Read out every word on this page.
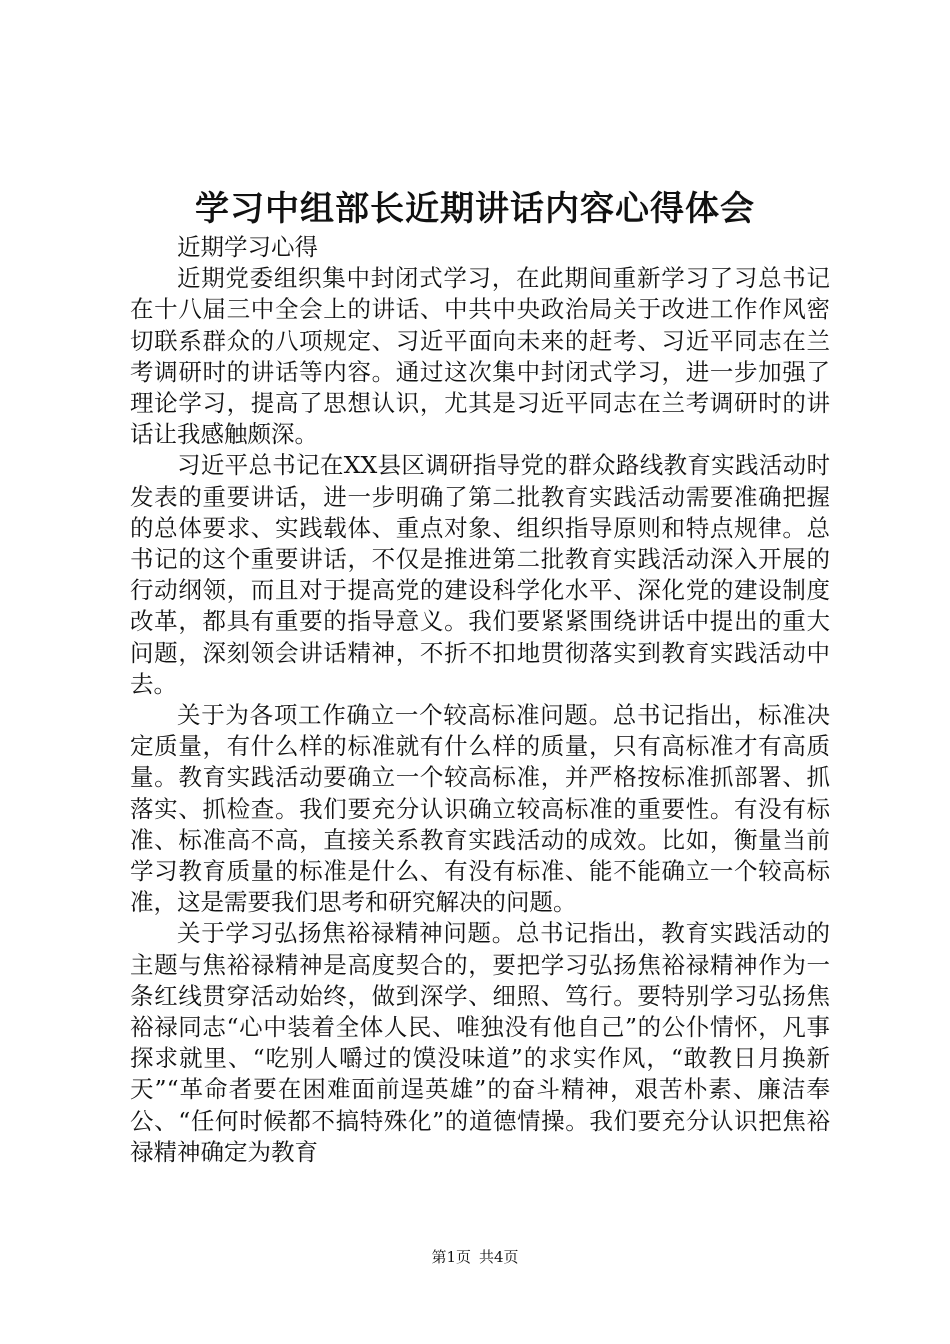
学习中组部长近期讲话内容心得体会

近期学习心得

近期党委组织集中封闭式学习，在此期间重新学习了习总书记在十八届三中全会上的讲话、中共中央政治局关于改进工作作风密切联系群众的八项规定、习近平面向未来的赶考、习近平同志在兰考调研时的讲话等内容。通过这次集中封闭式学习，进一步加强了理论学习，提高了思想认识，尤其是习近平同志在兰考调研时的讲话让我感触颇深。

习近平总书记在XX县区调研指导党的群众路线教育实践活动时发表的重要讲话，进一步明确了第二批教育实践活动需要准确把握的总体要求、实践载体、重点对象、组织指导原则和特点规律。总书记的这个重要讲话，不仅是推进第二批教育实践活动深入开展的行动纲领，而且对于提高党的建设科学化水平、深化党的建设制度改革，都具有重要的指导意义。我们要紧紧围绕讲话中提出的重大问题，深刻领会讲话精神，不折不扣地贯彻落实到教育实践活动中去。

关于为各项工作确立一个较高标准问题。总书记指出，标准决定质量，有什么样的标准就有什么样的质量，只有高标准才有高质量。教育实践活动要确立一个较高标准，并严格按标准抓部署、抓落实、抓检查。我们要充分认识确立较高标准的重要性。有没有标准、标准高不高，直接关系教育实践活动的成效。比如，衡量当前学习教育质量的标准是什么、有没有标准、能不能确立一个较高标准，这是需要我们思考和研究解决的问题。

关于学习弘扬焦裕禄精神问题。总书记指出，教育实践活动的主题与焦裕禄精神是高度契合的，要把学习弘扬焦裕禄精神作为一条红线贯穿活动始终，做到深学、细照、笃行。要特别学习弘扬焦裕禄同志“心中装着全体人民、唯独没有他自己”的公仆情怀，凡事探求就里、“吃别人嚼过的馍没味道”的求实作风，“敢教日月换新天”“革命者要在困难面前逞英雄”的奋斗精神，艰苦朴素、廉洁奉公、“任何时候都不搞特殊化”的道德情操。我们要充分认识把焦裕禄精神确定为教育

第1页 共4页
